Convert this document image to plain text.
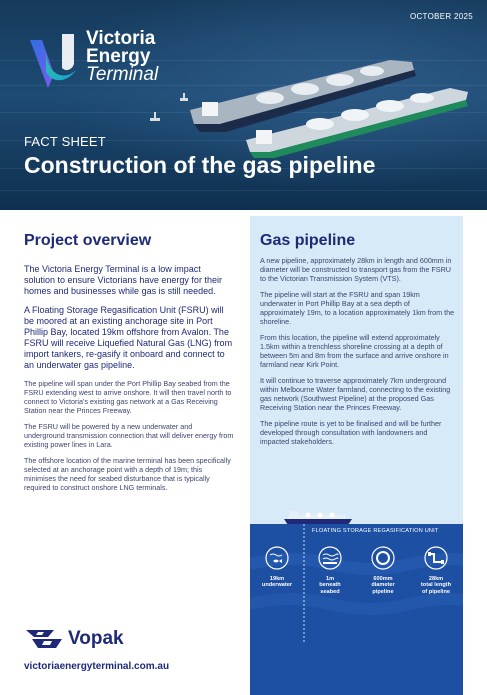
OCTOBER 2025
Victoria
Energy
Terminal
FACT SHEET
Construction of the gas pipeline
Project overview

The Victoria Energy Terminal is a low impact solution to ensure Victorians have energy for their homes and businesses while gas is still needed.

A Floating Storage Regasification Unit (FSRU) will be moored at an existing anchorage site in Port Phillip Bay, located 19km offshore from Avalon. The FSRU will receive Liquefied Natural Gas (LNG) from import tankers, re-gasify it onboard and connect to an underwater gas pipeline.

The pipeline will span under the Port Phillip Bay seabed from the FSRU extending west to arrive onshore. It will then travel north to connect to Victoria's existing gas network at a Gas Receiving Station near the Princes Freeway.

The FSRU will be powered by a new underwater and underground transmission connection that will deliver energy from existing power lines in Lara.

The offshore location of the marine terminal has been specifically selected at an anchorage point with a depth of 19m; this minimises the need for seabed disturbance that is typically required to construct onshore LNG terminals.

Vopak
victoriaenergyterminal.com.au
Gas pipeline

A new pipeline, approximately 28km in length and 600mm in diameter will be constructed to transport gas from the FSRU to the Victorian Transmission System (VTS).

The pipeline will start at the FSRU and span 19km underwater in Port Phillip Bay at a sea depth of approximately 19m, to a location approximately 1km from the shoreline.

From this location, the pipeline will extend approximately 1.5km within a trenchless shoreline crossing at a depth of between 5m and 8m from the surface and arrive onshore in farmland near Kirk Point.

It will continue to traverse approximately 7km underground within Melbourne Water farmland, connecting to the existing gas network (Southwest Pipeline) at the proposed Gas Receiving Station near the Princes Freeway.

The pipeline route is yet to be finalised and will be further developed through consultation with landowners and impacted stakeholders.

FLOATING STORAGE REGASIFICATION UNIT
19km
underwater
1m
beneath
seabed
600mm
diameter
pipeline
28km
total length
of pipeline
